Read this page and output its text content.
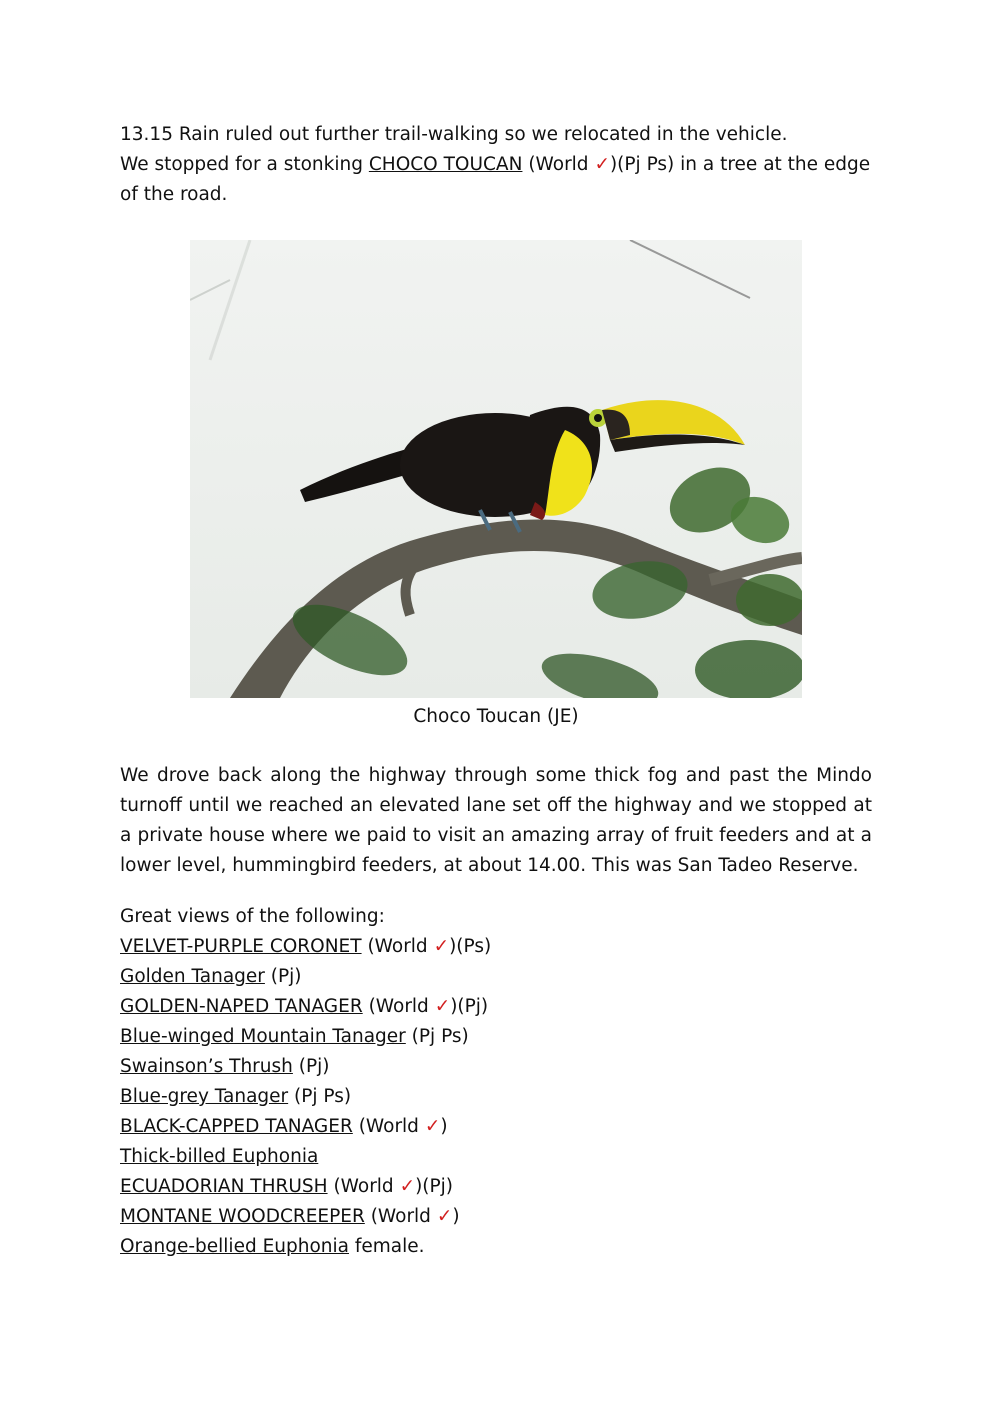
13.15 Rain ruled out further trail-walking so we relocated in the vehicle.
We stopped for a stonking CHOCO TOUCAN (World ✓)(Pj Ps) in a tree at the edge of the road.

Choco Toucan (JE)

We drove back along the highway through some thick fog and past the Mindo turnoff until we reached an elevated lane set off the highway and we stopped at a private house where we paid to visit an amazing array of fruit feeders and at a lower level, hummingbird feeders, at about 14.00. This was San Tadeo Reserve.

Great views of the following:

VELVET-PURPLE CORONET (World ✓)(Ps)
Golden Tanager (Pj)
GOLDEN-NAPED TANAGER (World ✓)(Pj)
Blue-winged Mountain Tanager (Pj Ps)
Swainson’s Thrush (Pj)
Blue-grey Tanager (Pj Ps)
BLACK-CAPPED TANAGER (World ✓)
Thick-billed Euphonia
ECUADORIAN THRUSH (World ✓)(Pj)
MONTANE WOODCREEPER (World ✓)
Orange-bellied Euphonia female.
